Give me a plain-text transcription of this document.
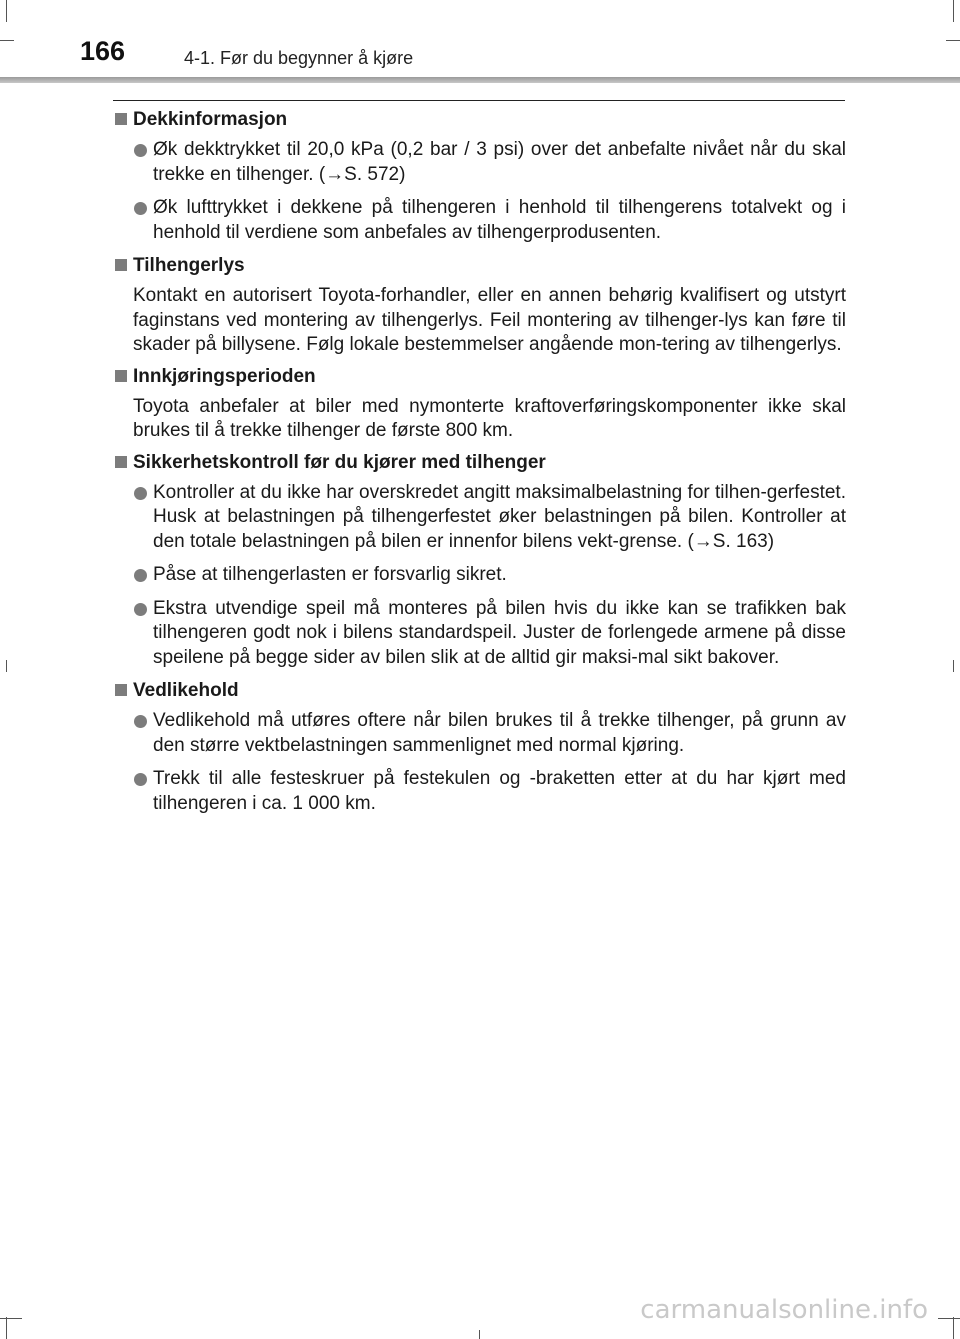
166	4-1. Før du begynner å kjøre
Dekkinformasjon
Øk dekktrykket til 20,0 kPa (0,2 bar / 3 psi) over det anbefalte nivået når du skal trekke en tilhenger. (→S. 572)
Øk lufttrykket i dekkene på tilhengeren i henhold til tilhengerens totalvekt og i henhold til verdiene som anbefales av tilhengerprodusenten.
Tilhengerlys
Kontakt en autorisert Toyota-forhandler, eller en annen behørig kvalifisert og utstyrt faginstans ved montering av tilhengerlys. Feil montering av tilhenger-lys kan føre til skader på billysene. Følg lokale bestemmelser angående mon-tering av tilhengerlys.
Innkjøringsperioden
Toyota anbefaler at biler med nymonterte kraftoverføringskomponenter ikke skal brukes til å trekke tilhenger de første 800 km.
Sikkerhetskontroll før du kjører med tilhenger
Kontroller at du ikke har overskredet angitt maksimalbelastning for tilhen-gerfestet. Husk at belastningen på tilhengerfestet øker belastningen på bilen. Kontroller at den totale belastningen på bilen er innenfor bilens vekt-grense. (→S. 163)
Påse at tilhengerlasten er forsvarlig sikret.
Ekstra utvendige speil må monteres på bilen hvis du ikke kan se trafikken bak tilhengeren godt nok i bilens standardspeil. Juster de forlengede armene på disse speilene på begge sider av bilen slik at de alltid gir maksi-mal sikt bakover.
Vedlikehold
Vedlikehold må utføres oftere når bilen brukes til å trekke tilhenger, på grunn av den større vektbelastningen sammenlignet med normal kjøring.
Trekk til alle festeskruer på festekulen og -braketten etter at du har kjørt med tilhengeren i ca. 1 000 km.
carmanualsonline.info
